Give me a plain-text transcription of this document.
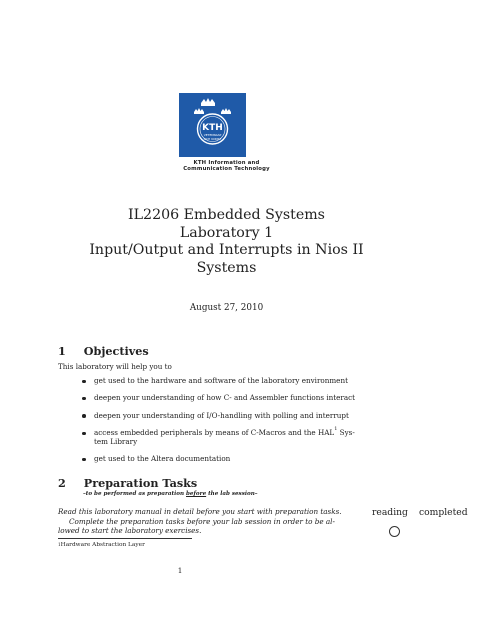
KTH
VETENSKAP
OCH KONST
KTH Information and
Communication Technology
IL2206 Embedded Systems
Laboratory 1
Input/Output and Interrupts in Nios II
Systems
August 27, 2010
1 Objectives
This laboratory will help you to
get used to the hardware and software of the laboratory environment
deepen your understanding of how C- and Assembler functions interact
deepen your understanding of I/O-handling with polling and interrupt
access embedded peripherals by means of C-Macros and the HAL$^1$ Sys-
tem Library
get used to the Altera documentation
2 Preparation Tasks
–to be performed as preparation before the lab session–
Read this laboratory manual in detail before you start with preparation tasks.
Complete the preparation tasks before your lab session in order to be al-
lowed to start the laboratory exercises.
reading completed
$^1$Hardware Abstraction Layer
1
